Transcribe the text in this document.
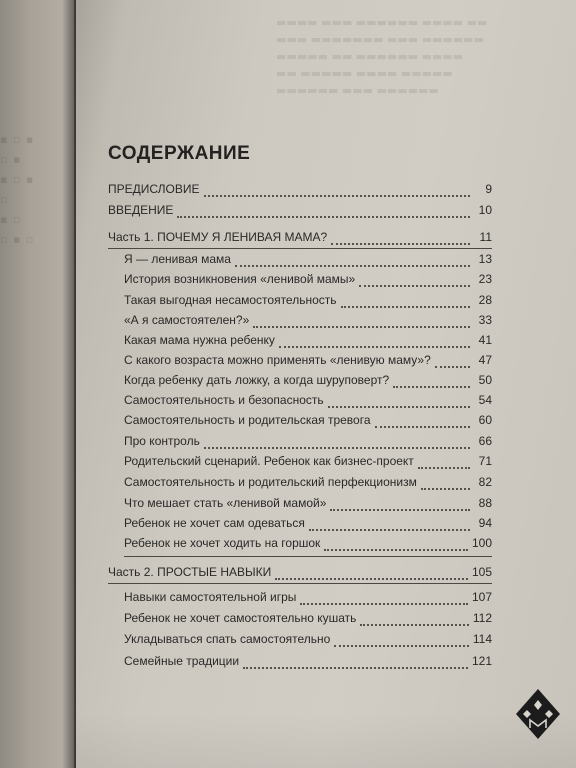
▪ ▫ ▪
▫ ▪
▪ ▫ ▪
▫
▪ ▫
▫ ▪ ▫
▬▬▬▬ ▬▬▬ ▬▬▬▬▬▬ ▬▬▬▬ ▬▬
▬▬▬ ▬▬▬▬▬▬▬ ▬▬▬ ▬▬▬▬▬▬
▬▬▬▬▬ ▬▬ ▬▬▬▬▬▬ ▬▬▬▬
▬▬ ▬▬▬▬▬ ▬▬▬▬ ▬▬▬▬▬
▬▬▬▬▬▬ ▬▬▬ ▬▬▬▬▬▬
СОДЕРЖАНИЕ
ПРЕДИСЛОВИЕ	9
ВВЕДЕНИЕ	10
Часть 1. ПОЧЕМУ Я ЛЕНИВАЯ МАМА?	11
Я — ленивая мама	13
История возникновения «ленивой мамы»	23
Такая выгодная несамостоятельность	28
«А я самостоятелен?»	33
Какая мама нужна ребенку	41
С какого возраста можно применять «ленивую маму»?	47
Когда ребенку дать ложку, а когда шуруповерт?	50
Самостоятельность и безопасность	54
Самостоятельность и родительская тревога	60
Про контроль	66
Родительский сценарий. Ребенок как бизнес-проект	71
Самостоятельность и родительский перфекционизм	82
Что мешает стать «ленивой мамой»	88
Ребенок не хочет сам одеваться	94
Ребенок не хочет ходить на горшок	100
Часть 2. ПРОСТЫЕ НАВЫКИ	105
Навыки самостоятельной игры	107
Ребенок не хочет самостоятельно кушать	112
Укладываться спать самостоятельно	114
Семейные традиции	121
